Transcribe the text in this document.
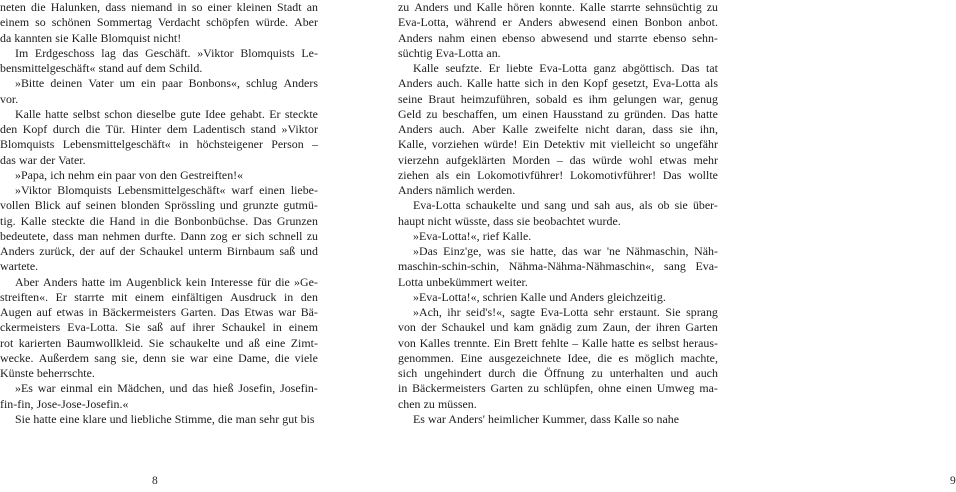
neten die Halunken, dass niemand in so einer kleinen Stadt an
einem so schönen Sommertag Verdacht schöpfen würde. Aber
da kannten sie Kalle Blomquist nicht!
Im Erdgeschoss lag das Geschäft. »Viktor Blomquists Le-
bensmittelgeschäft« stand auf dem Schild.
»Bitte deinen Vater um ein paar Bonbons«, schlug Anders
vor.
Kalle hatte selbst schon dieselbe gute Idee gehabt. Er steckte
den Kopf durch die Tür. Hinter dem Ladentisch stand »Viktor
Blomquists Lebensmittelgeschäft« in höchsteigener Person –
das war der Vater.
»Papa, ich nehm ein paar von den Gestreiften!«
»Viktor Blomquists Lebensmittelgeschäft« warf einen liebe-
vollen Blick auf seinen blonden Sprössling und grunzte gutmü-
tig. Kalle steckte die Hand in die Bonbonbüchse. Das Grunzen
bedeutete, dass man nehmen durfte. Dann zog er sich schnell zu
Anders zurück, der auf der Schaukel unterm Birnbaum saß und
wartete.
Aber Anders hatte im Augenblick kein Interesse für die »Ge-
streiften«. Er starrte mit einem einfältigen Ausdruck in den
Augen auf etwas in Bäckermeisters Garten. Das Etwas war Bä-
ckermeisters Eva-Lotta. Sie saß auf ihrer Schaukel in einem
rot karierten Baumwollkleid. Sie schaukelte und aß eine Zimt-
wecke. Außerdem sang sie, denn sie war eine Dame, die viele
Künste beherrschte.
»Es war einmal ein Mädchen, und das hieß Josefin, Josefin-
fin-fin, Jose-Jose-Josefin.«
Sie hatte eine klare und liebliche Stimme, die man sehr gut bis
8
zu Anders und Kalle hören konnte. Kalle starrte sehnsüchtig zu
Eva-Lotta, während er Anders abwesend einen Bonbon anbot.
Anders nahm einen ebenso abwesend und starrte ebenso sehn-
süchtig Eva-Lotta an.
Kalle seufzte. Er liebte Eva-Lotta ganz abgöttisch. Das tat
Anders auch. Kalle hatte sich in den Kopf gesetzt, Eva-Lotta als
seine Braut heimzuführen, sobald es ihm gelungen war, genug
Geld zu beschaffen, um einen Hausstand zu gründen. Das hatte
Anders auch. Aber Kalle zweifelte nicht daran, dass sie ihn,
Kalle, vorziehen würde! Ein Detektiv mit vielleicht so ungefähr
vierzehn aufgeklärten Morden – das würde wohl etwas mehr
ziehen als ein Lokomotivführer! Lokomotivführer! Das wollte
Anders nämlich werden.
Eva-Lotta schaukelte und sang und sah aus, als ob sie über-
haupt nicht wüsste, dass sie beobachtet wurde.
»Eva-Lotta!«, rief Kalle.
»Das Einz'ge, was sie hatte, das war 'ne Nähmaschin, Näh-
maschin-schin-schin, Nähma-Nähma-Nähmaschin«, sang Eva-
Lotta unbekümmert weiter.
»Eva-Lotta!«, schrien Kalle und Anders gleichzeitig.
»Ach, ihr seid's!«, sagte Eva-Lotta sehr erstaunt. Sie sprang
von der Schaukel und kam gnädig zum Zaun, der ihren Garten
von Kalles trennte. Ein Brett fehlte – Kalle hatte es selbst heraus-
genommen. Eine ausgezeichnete Idee, die es möglich machte,
sich ungehindert durch die Öffnung zu unterhalten und auch
in Bäckermeisters Garten zu schlüpfen, ohne einen Umweg ma-
chen zu müssen.
Es war Anders' heimlicher Kummer, dass Kalle so nahe
9
